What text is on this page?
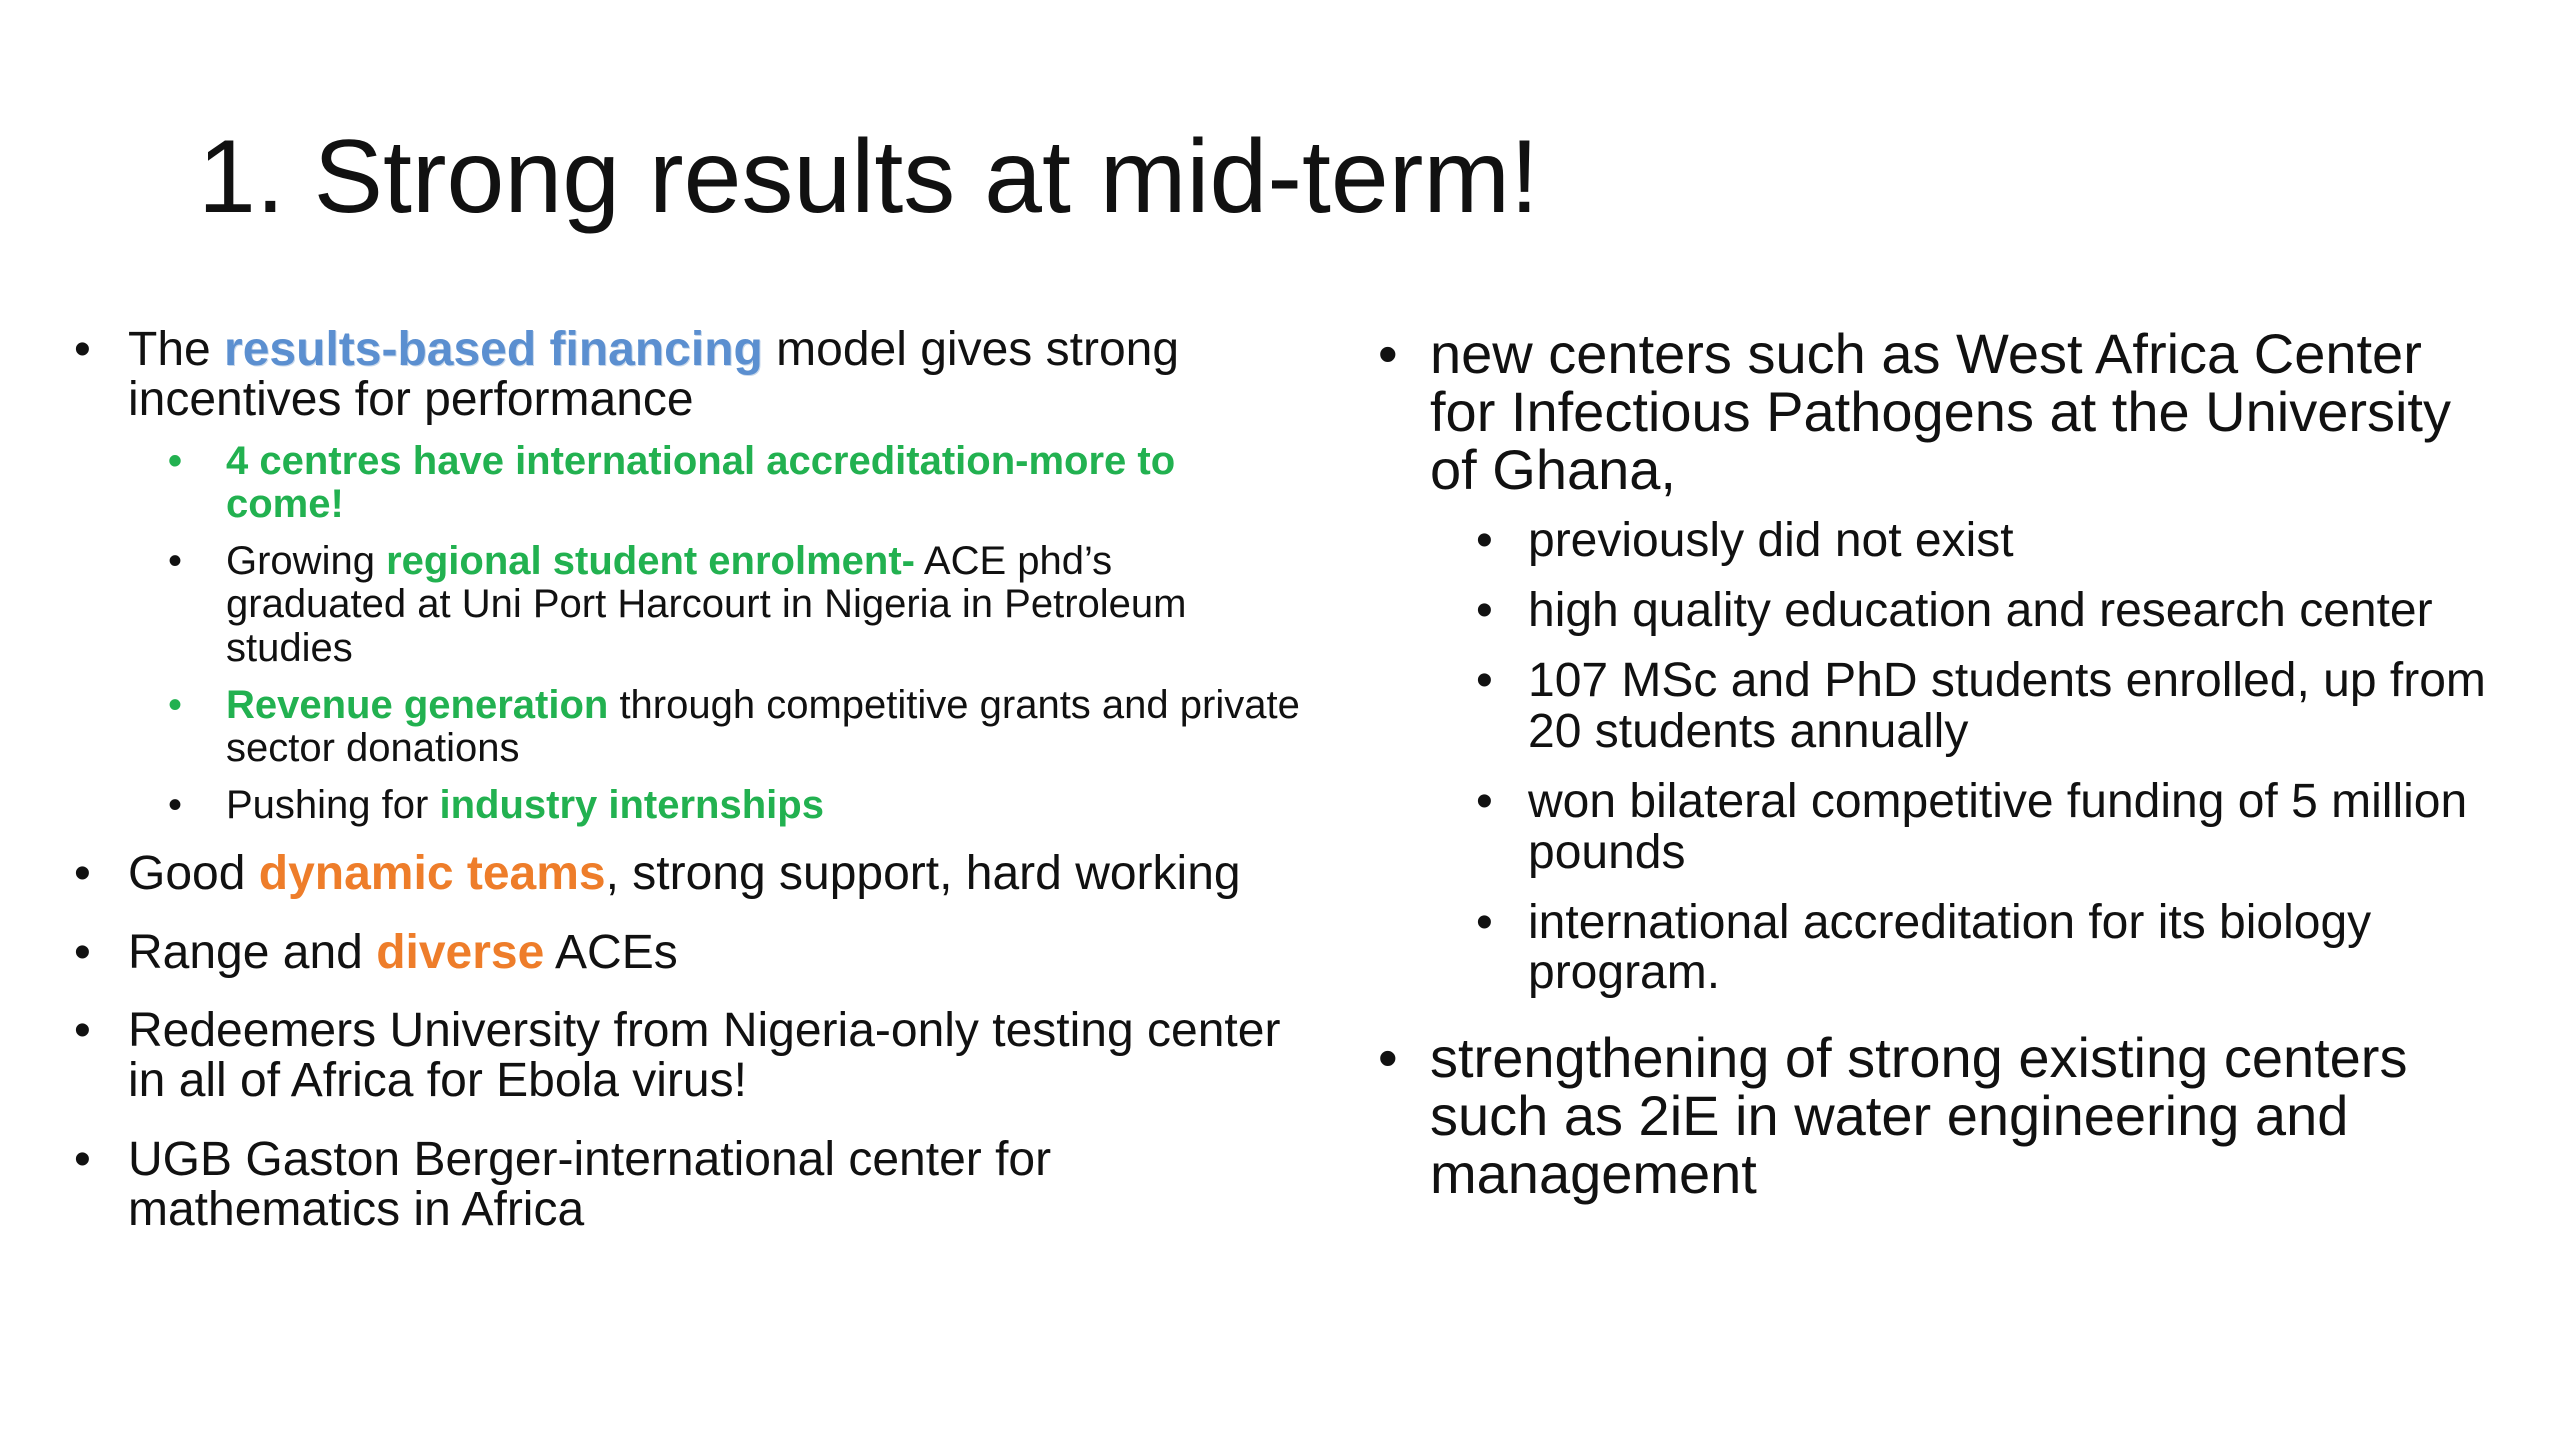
1. Strong results at mid-term!
• The results-based financing model gives strong incentives for performance
• 4 centres have international accreditation-more to come!
• Growing regional student enrolment- ACE phd’s graduated at Uni Port Harcourt in Nigeria in Petroleum studies
• Revenue generation through competitive grants and private sector donations
• Pushing for industry internships
• Good dynamic teams, strong support, hard working
• Range and diverse ACEs
• Redeemers University from Nigeria-only testing center in all of Africa for Ebola virus!
• UGB Gaston Berger-international center for mathematics in Africa
• new centers such as West Africa Center for Infectious Pathogens at the University of Ghana,
• previously did not exist
• high quality education and research center
• 107 MSc and PhD students enrolled, up from 20 students annually
• won bilateral competitive funding of 5 million pounds
• international accreditation for its biology program.
• strengthening of strong existing centers such as 2iE in water engineering and management
